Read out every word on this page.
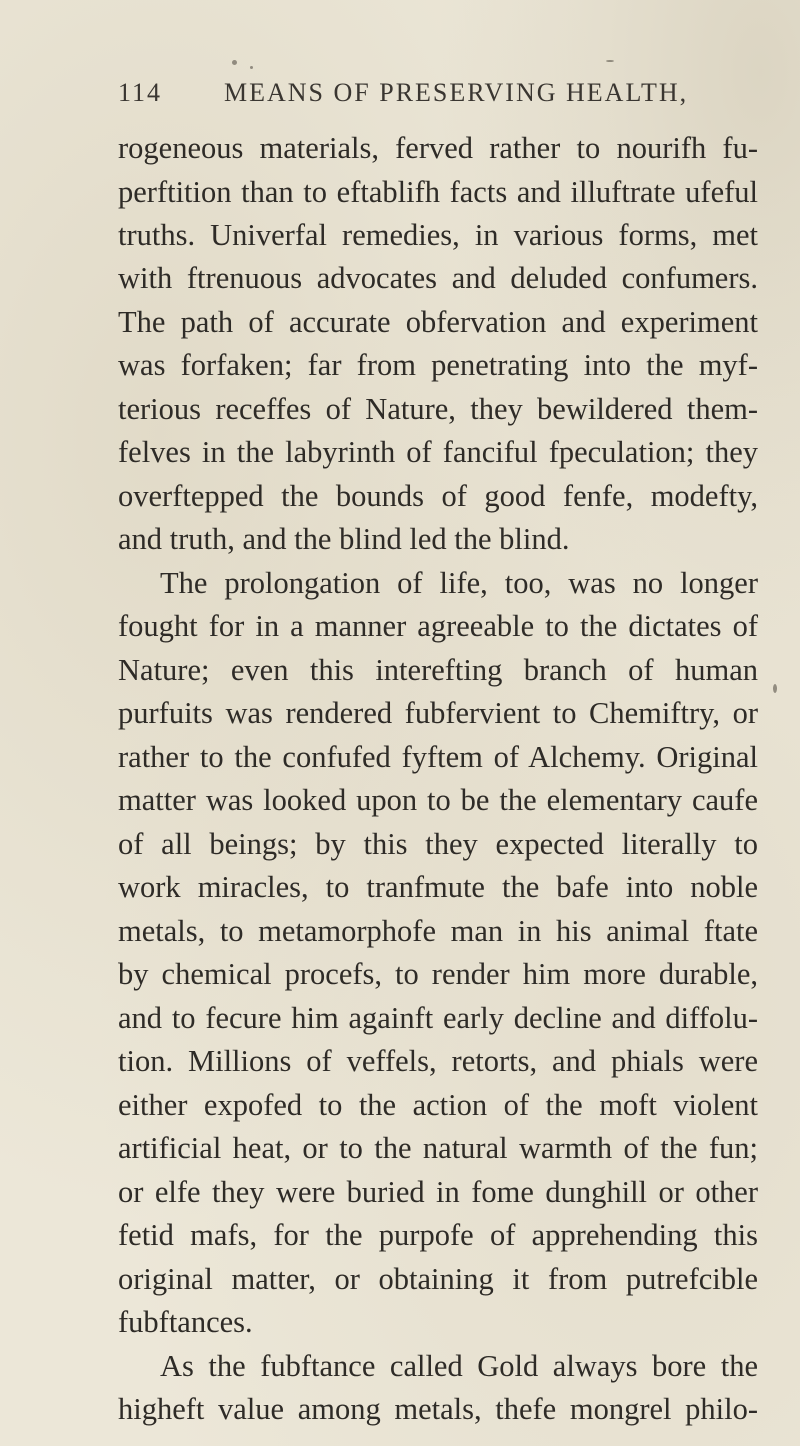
114 MEANS OF PRESERVING HEALTH,
rogeneous materials, ferved rather to nourifh fu-
perftition than to eftablifh facts and illuftrate ufeful
truths. Univerfal remedies, in various forms, met
with ftrenuous advocates and deluded confumers.
The path of accurate obfervation and experiment
was forfaken; far from penetrating into the myf-
terious receffes of Nature, they bewildered them-
felves in the labyrinth of fanciful fpeculation; they
overftepped the bounds of good fenfe, modefty,
and truth, and the blind led the blind.
The prolongation of life, too, was no longer
fought for in a manner agreeable to the dictates of
Nature; even this interefting branch of human
purfuits was rendered fubfervient to Chemiftry, or
rather to the confufed fyftem of Alchemy. Original
matter was looked upon to be the elementary caufe
of all beings; by this they expected literally to
work miracles, to tranfmute the bafe into noble
metals, to metamorphofe man in his animal ftate
by chemical procefs, to render him more durable,
and to fecure him againft early decline and diffolu-
tion. Millions of veffels, retorts, and phials were
either expofed to the action of the moft violent
artificial heat, or to the natural warmth of the fun;
or elfe they were buried in fome dunghill or other
fetid mafs, for the purpofe of apprehending this
original matter, or obtaining it from putrefcible
fubftances.
As the fubftance called Gold always bore the
higheft value among metals, thefe mongrel philo-
